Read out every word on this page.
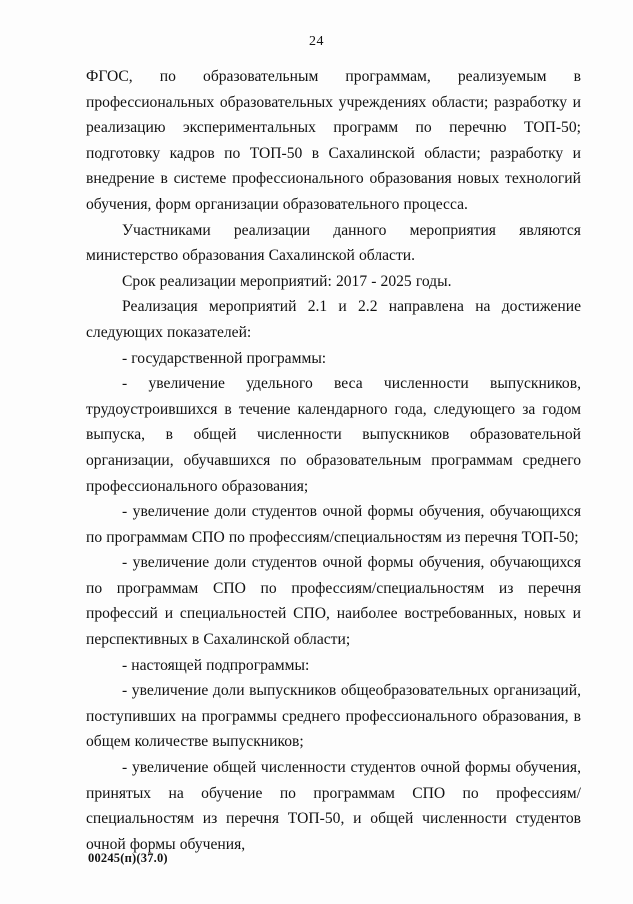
24

ФГОС, по образовательным программам, реализуемым в профессиональных образовательных учреждениях области; разработку и реализацию экспериментальных программ по перечню ТОП-50; подготовку кадров по ТОП-50 в Сахалинской области; разработку и внедрение в системе профессионального образования новых технологий обучения, форм организации образовательного процесса.

Участниками реализации данного мероприятия являются министерство образования Сахалинской области.

Срок реализации мероприятий: 2017 - 2025 годы.

Реализация мероприятий 2.1 и 2.2 направлена на достижение следующих показателей:

- государственной программы:

- увеличение удельного веса численности выпускников, трудоустроившихся в течение календарного года, следующего за годом выпуска, в общей численности выпускников образовательной организации, обучавшихся по образовательным программам среднего профессионального образования;

- увеличение доли студентов очной формы обучения, обучающихся по программам СПО по профессиям/специальностям из перечня ТОП-50;

- увеличение доли студентов очной формы обучения, обучающихся по программам СПО по профессиям/специальностям из перечня профессий и специальностей СПО, наиболее востребованных, новых и перспективных в Сахалинской области;

- настоящей подпрограммы:

- увеличение доли выпускников общеобразовательных организаций, поступивших на программы среднего профессионального образования, в общем количестве выпускников;

- увеличение общей численности студентов очной формы обучения, принятых на обучение по программам СПО по профессиям/специальностям из перечня ТОП-50, и общей численности студентов очной формы обучения,

00245(п)(37.0)
